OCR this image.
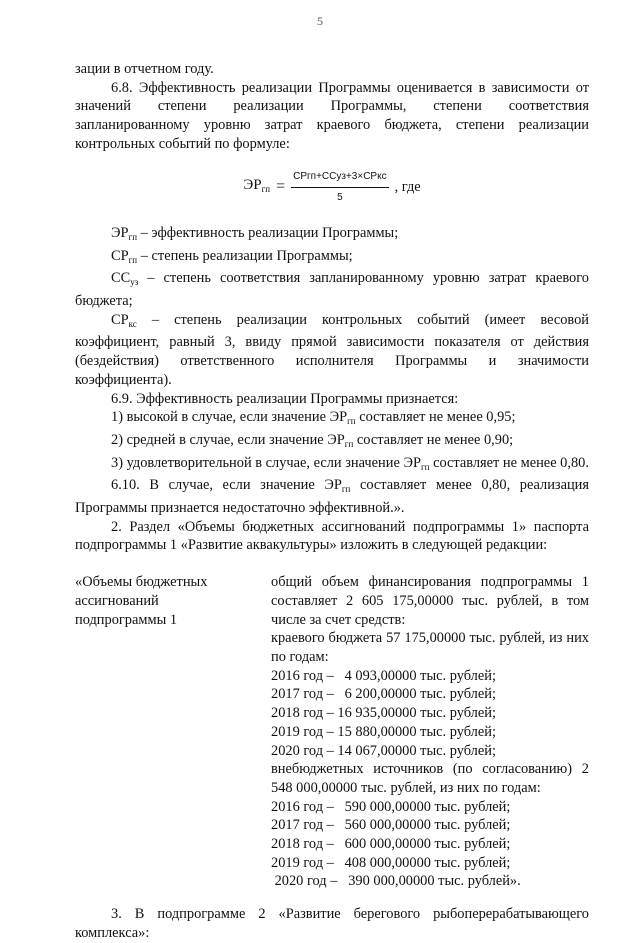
5

зации в отчетном году.

6.8. Эффективность реализации Программы оценивается в зависимости от значений степени реализации Программы, степени соответствия запланированному уровню затрат краевого бюджета, степени реализации контрольных событий по формуле:

$ЭР_{гп} = \frac{\text{СРгп+ССуз+3×СРкс}}{5}$ , где

$ЭР_{гп}$ – эффективность реализации Программы;

$СР_{гп}$ – степень реализации Программы;

$СС_{уз}$ – степень соответствия запланированному уровню затрат краевого бюджета;

$СР_{кс}$ – степень реализации контрольных событий (имеет весовой коэффициент, равный 3, ввиду прямой зависимости показателя от действия (бездействия) ответственного исполнителя Программы и значимости коэффициента).

6.9. Эффективность реализации Программы признается:

1) высокой в случае, если значение $ЭР_{гп}$ составляет не менее 0,95;

2) средней в случае, если значение $ЭР_{гп}$ составляет не менее 0,90;

3) удовлетворительной в случае, если значение $ЭР_{гп}$ составляет не менее 0,80.

6.10. В случае, если значение $ЭР_{гп}$ составляет менее 0,80, реализация Программы признается недостаточно эффективной.».

2. Раздел «Объемы бюджетных ассигнований подпрограммы 1» паспорта подпрограммы 1 «Развитие аквакультуры» изложить в следующей редакции:

«Объемы бюджетных
ассигнований
подпрограммы 1

общий объем финансирования подпрограммы 1 составляет 2 605 175,00000 тыс. рублей, в том числе за счет средств:

краевого бюджета 57 175,00000 тыс. рублей, из них по годам:

2016 год –   4 093,00000 тыс. рублей;
2017 год –   6 200,00000 тыс. рублей;
2018 год – 16 935,00000 тыс. рублей;
2019 год – 15 880,00000 тыс. рублей;
2020 год – 14 067,00000 тыс. рублей;

внебюджетных источников (по согласованию) 2 548 000,00000 тыс. рублей, из них по годам:

2016 год –   590 000,00000 тыс. рублей;
2017 год –   560 000,00000 тыс. рублей;
2018 год –   600 000,00000 тыс. рублей;
2019 год –   408 000,00000 тыс. рублей;
2020 год –   390 000,00000 тыс. рублей».

3. В подпрограмме 2 «Развитие берегового рыбоперерабатывающего комплекса»:
